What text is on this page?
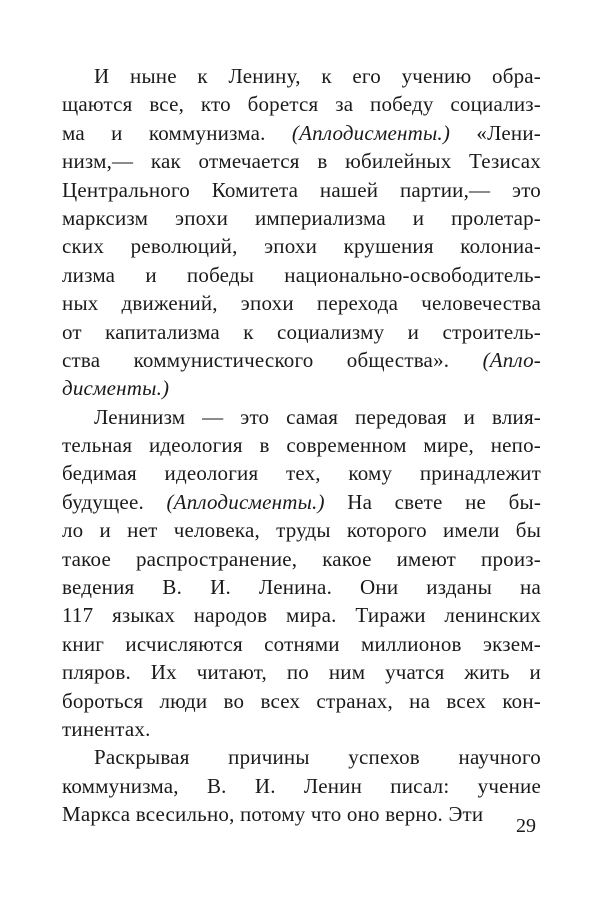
И ныне к Ленину, к его учению обра-
щаются все, кто борется за победу социализ-
ма и коммунизма. (Аплодисменты.) «Лени-
низм,— как отмечается в юбилейных Тезисах
Центрального Комитета нашей партии,— это
марксизм эпохи империализма и пролетар-
ских революций, эпохи крушения колониа-
лизма и победы национально-освободитель-
ных движений, эпохи перехода человечества
от капитализма к социализму и строитель-
ства коммунистического общества». (Апло-
дисменты.)
Ленинизм — это самая передовая и влия-
тельная идеология в современном мире, непо-
бедимая идеология тех, кому принадлежит
будущее. (Аплодисменты.) На свете не бы-
ло и нет человека, труды которого имели бы
такое распространение, какое имеют произ-
ведения В. И. Ленина. Они изданы на
117 языках народов мира. Тиражи ленинских
книг исчисляются сотнями миллионов экзем-
пляров. Их читают, по ним учатся жить и
бороться люди во всех странах, на всех кон-
тинентах.
Раскрывая причины успехов научного
коммунизма, В. И. Ленин писал: учение
Маркса всесильно, потому что оно верно. Эти	29
